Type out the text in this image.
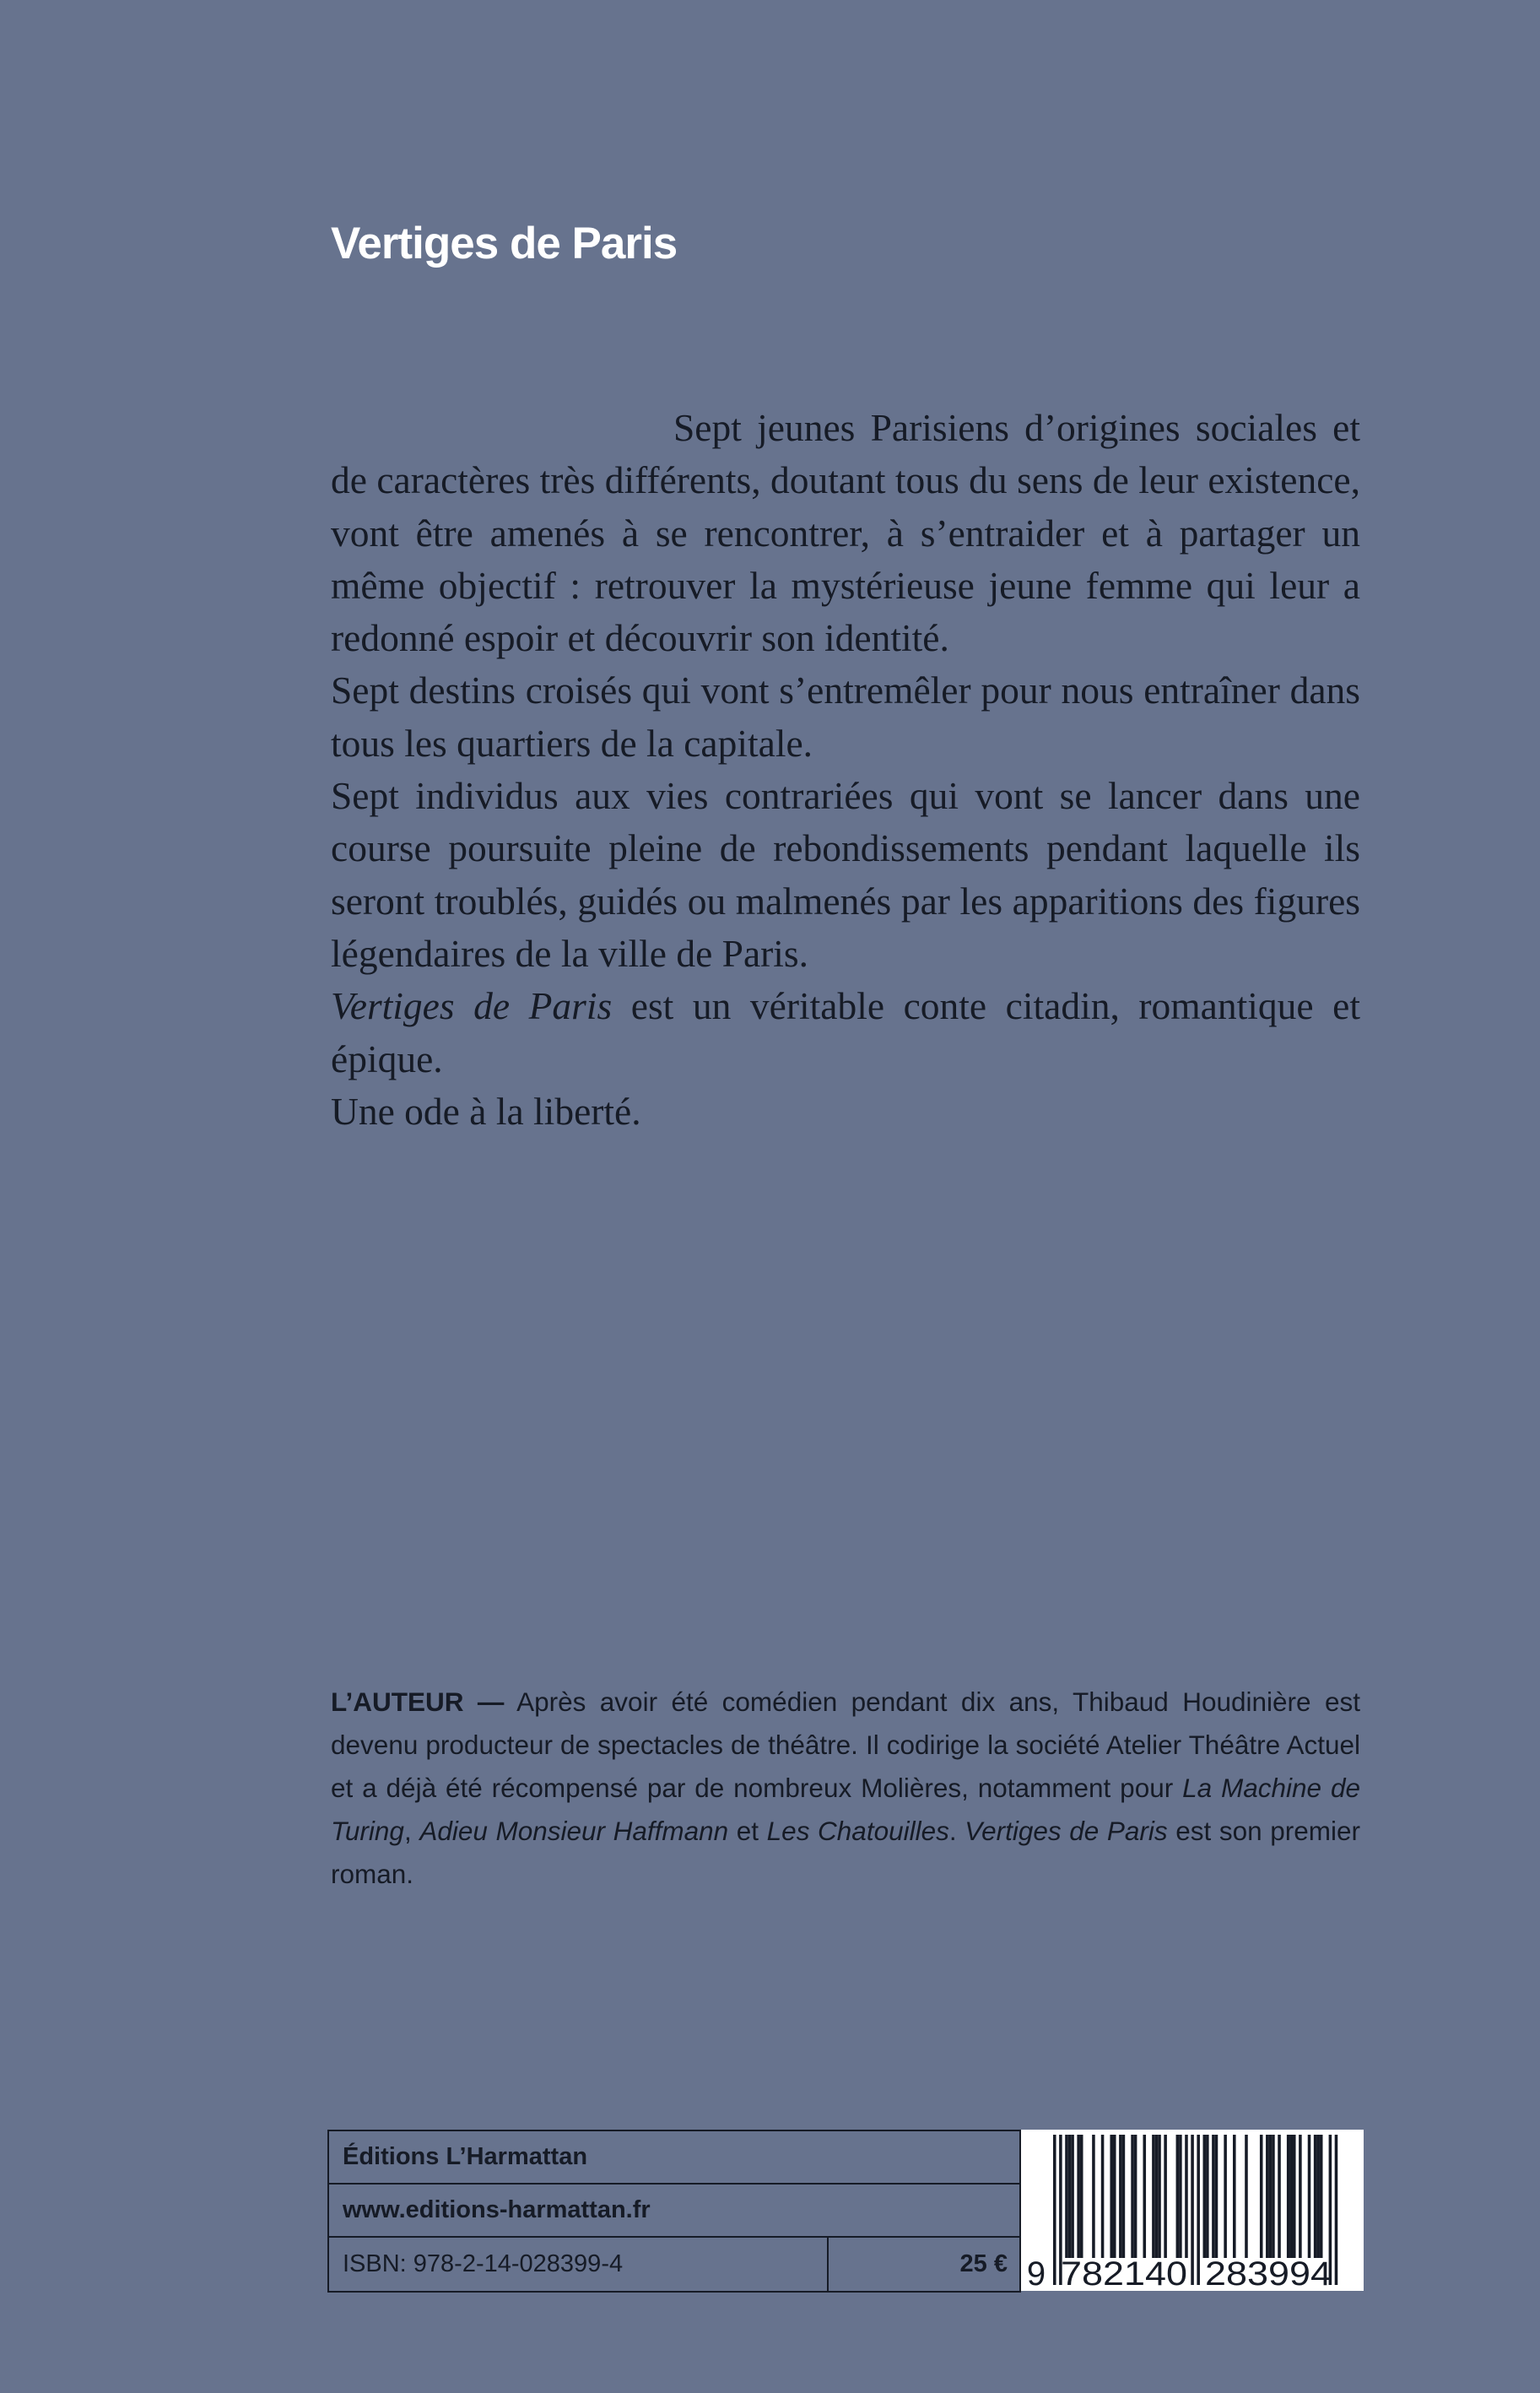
Vertiges de Paris

Sept jeunes Parisiens d’origines sociales et de caractères très différents, doutant tous du sens de leur existence, vont être amenés à se rencontrer, à s’entraider et à partager un même objectif : retrouver la mystérieuse jeune femme qui leur a redonné espoir et découvrir son identité.

Sept destins croisés qui vont s’entremêler pour nous entraîner dans tous les quartiers de la capitale.

Sept individus aux vies contrariées qui vont se lancer dans une course poursuite pleine de rebondissements pendant laquelle ils seront troublés, guidés ou malmenés par les apparitions des figures légendaires de la ville de Paris.

Vertiges de Paris est un véritable conte citadin, romantique et épique.

Une ode à la liberté.

L’AUTEUR — Après avoir été comédien pendant dix ans, Thibaud Houdinière est devenu producteur de spectacles de théâtre. Il codirige la société Atelier Théâtre Actuel et a déjà été récompensé par de nombreux Molières, notamment pour La Machine de Turing, Adieu Monsieur Haffmann et Les Chatouilles. Vertiges de Paris est son premier roman.

Éditions L’Harmattan
www.editions-harmattan.fr
ISBN: 978-2-14-028399-4	25 € 9 782140 283994
